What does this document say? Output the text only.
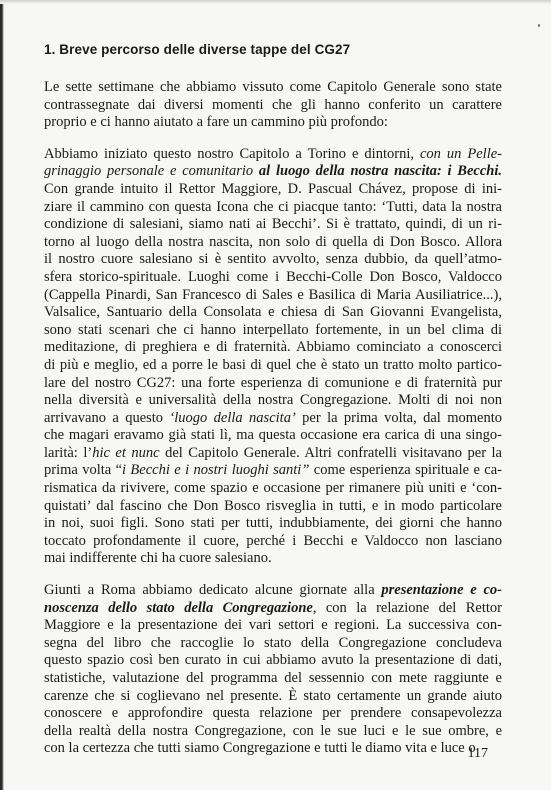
1. Breve percorso delle diverse tappe del CG27

Le sette settimane che abbiamo vissuto come Capitolo Generale sono state
contrassegnate dai diversi momenti che gli hanno conferito un carattere
proprio e ci hanno aiutato a fare un cammino più profondo:

Abbiamo iniziato questo nostro Capitolo a Torino e dintorni, con un Pelle-
grinaggio personale e comunitario al luogo della nostra nascita: i Becchi.
Con grande intuito il Rettor Maggiore, D. Pascual Chávez, propose di ini-
ziare il cammino con questa Icona che ci piacque tanto: ‘Tutti, data la nostra
condizione di salesiani, siamo nati ai Becchi’. Si è trattato, quindi, di un ri-
torno al luogo della nostra nascita, non solo di quella di Don Bosco. Allora
il nostro cuore salesiano si è sentito avvolto, senza dubbio, da quell’atmo-
sfera storico-spirituale. Luoghi come i Becchi-Colle Don Bosco, Valdocco
(Cappella Pinardi, San Francesco di Sales e Basilica di Maria Ausiliatrice...),
Valsalice, Santuario della Consolata e chiesa di San Giovanni Evangelista,
sono stati scenari che ci hanno interpellato fortemente, in un bel clima di
meditazione, di preghiera e di fraternità. Abbiamo cominciato a conoscerci
di più e meglio, ed a porre le basi di quel che è stato un tratto molto partico-
lare del nostro CG27: una forte esperienza di comunione e di fraternità pur
nella diversità e universalità della nostra Congregazione. Molti di noi non
arrivavano a questo ‘luogo della nascita’ per la prima volta, dal momento
che magari eravamo già stati lì, ma questa occasione era carica di una singo-
larità: l’hic et nunc del Capitolo Generale. Altri confratelli visitavano per la
prima volta “i Becchi e i nostri luoghi santi” come esperienza spirituale e ca-
rismatica da rivivere, come spazio e occasione per rimanere più uniti e ‘con-
quistati’ dal fascino che Don Bosco risveglia in tutti, e in modo particolare
in noi, suoi figli. Sono stati per tutti, indubbiamente, dei giorni che hanno
toccato profondamente il cuore, perché i Becchi e Valdocco non lasciano
mai indifferente chi ha cuore salesiano.

Giunti a Roma abbiamo dedicato alcune giornate alla presentazione e co-
noscenza dello stato della Congregazione, con la relazione del Rettor
Maggiore e la presentazione dei vari settori e regioni. La successiva con-
segna del libro che raccoglie lo stato della Congregazione concludeva
questo spazio così ben curato in cui abbiamo avuto la presentazione di dati,
statistiche, valutazione del programma del sessennio con mete raggiunte e
carenze che si coglievano nel presente. È stato certamente un grande aiuto
conoscere e approfondire questa relazione per prendere consapevolezza
della realtà della nostra Congregazione, con le sue luci e le sue ombre, e
con la certezza che tutti siamo Congregazione e tutti le diamo vita e luce o

117
